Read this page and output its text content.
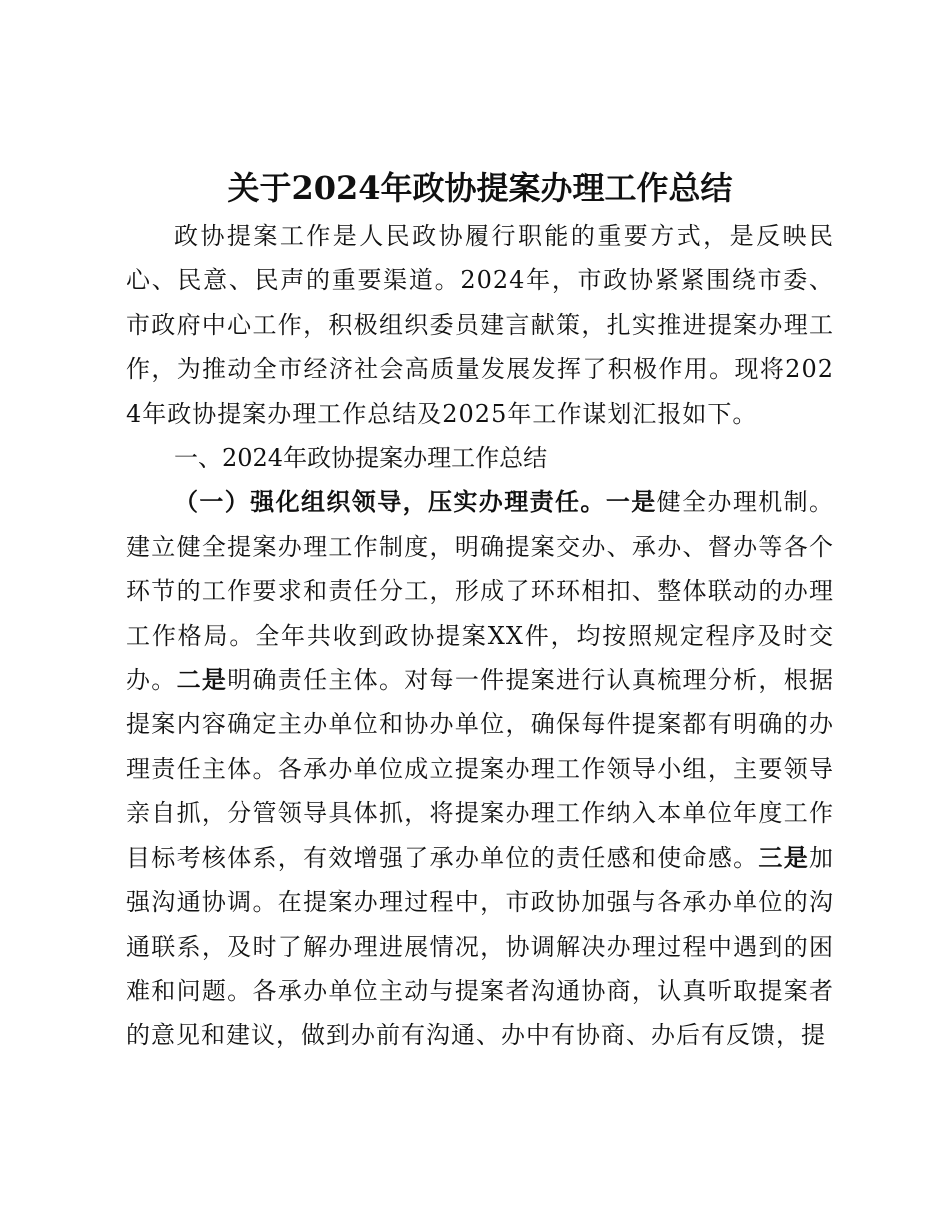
关于2024年政协提案办理工作总结

政协提案工作是人民政协履行职能的重要方式，是反映民心、民意、民声的重要渠道。2024年，市政协紧紧围绕市委、市政府中心工作，积极组织委员建言献策，扎实推进提案办理工作，为推动全市经济社会高质量发展发挥了积极作用。现将2024年政协提案办理工作总结及2025年工作谋划汇报如下。

一、2024年政协提案办理工作总结

（一）强化组织领导，压实办理责任。一是健全办理机制。建立健全提案办理工作制度，明确提案交办、承办、督办等各个环节的工作要求和责任分工，形成了环环相扣、整体联动的办理工作格局。全年共收到政协提案XX件，均按照规定程序及时交办。二是明确责任主体。对每一件提案进行认真梳理分析，根据提案内容确定主办单位和协办单位，确保每件提案都有明确的办理责任主体。各承办单位成立提案办理工作领导小组，主要领导亲自抓，分管领导具体抓，将提案办理工作纳入本单位年度工作目标考核体系，有效增强了承办单位的责任感和使命感。三是加强沟通协调。在提案办理过程中，市政协加强与各承办单位的沟通联系，及时了解办理进展情况，协调解决办理过程中遇到的困难和问题。各承办单位主动与提案者沟通协商，认真听取提案者的意见和建议，做到办前有沟通、办中有协商、办后有反馈，提
